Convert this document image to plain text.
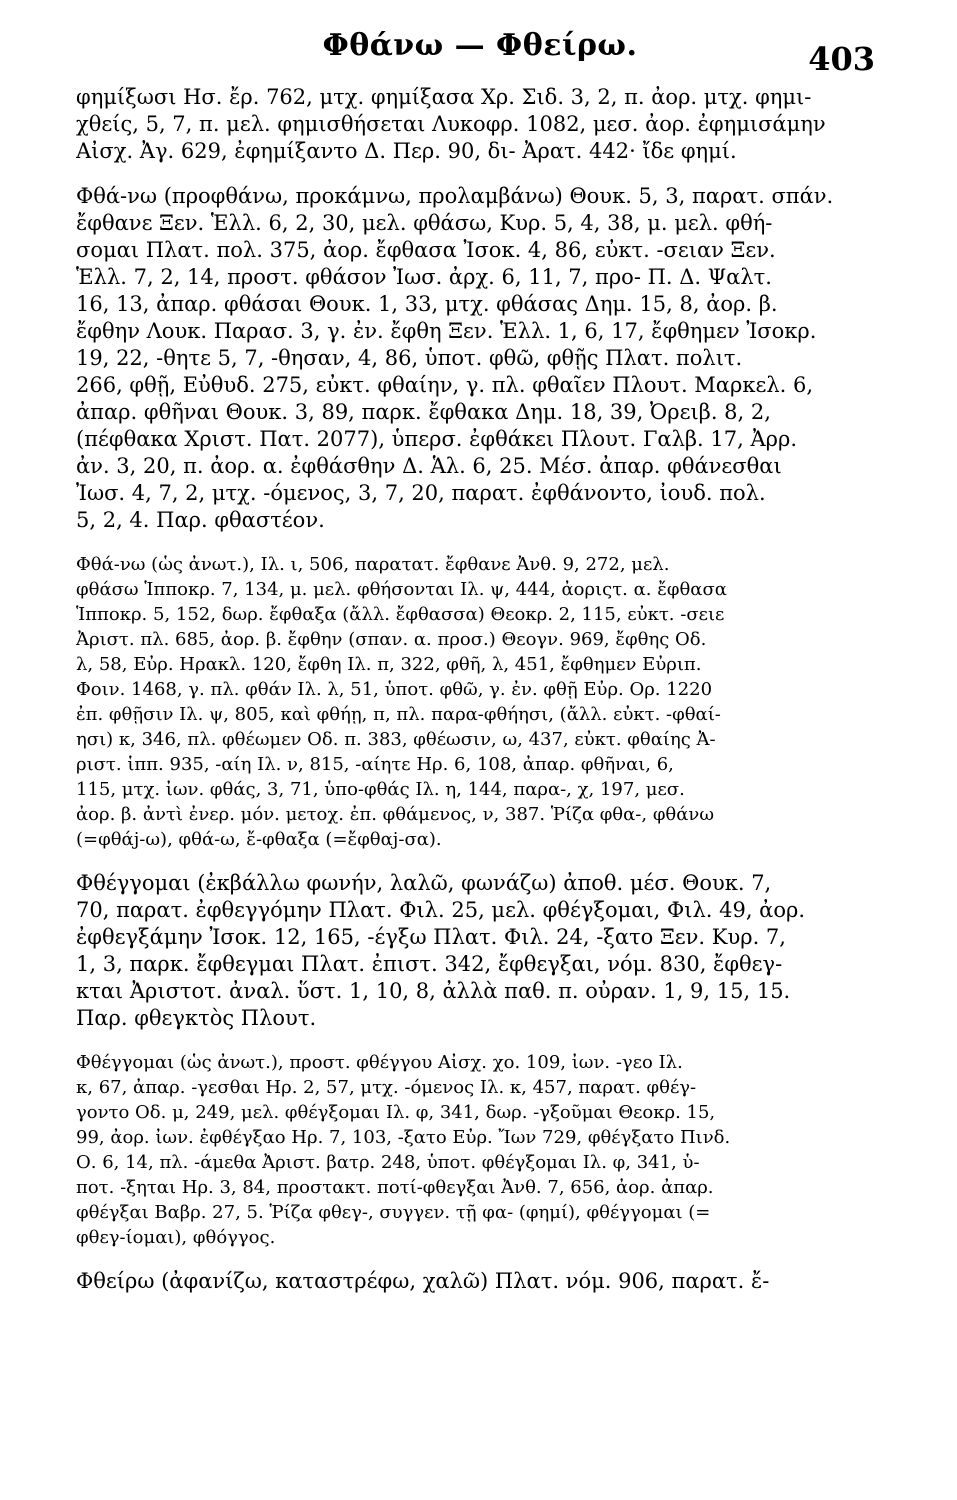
Φθάνω — Φθείρω.	403
φημίξωσι Ησ. ἔρ. 762, μτχ. φημίξασα Χρ. Σιδ. 3, 2, π. ἀορ. μτχ. φημι-
χθείς, 5, 7, π. μελ. φημισθήσεται Λυκοφρ. 1082, μεσ. ἀορ. ἐφημισάμην
Αἰσχ. Ἀγ. 629, ἐφημίξαντο Δ. Περ. 90, δι- Ἀρατ. 442· ἴδε φημί.
Φθά-νω (προφθάνω, προκάμνω, προλαμβάνω) Θουκ. 5, 3, παρατ. σπάν.
ἔφθανε Ξεν. Ἑλλ. 6, 2, 30, μελ. φθάσω, Κυρ. 5, 4, 38, μ. μελ. φθή-
σομαι Πλατ. πολ. 375, ἀορ. ἔφθασα Ἰσοκ. 4, 86, εὐκτ. -σειαν Ξεν.
Ἑλλ. 7, 2, 14, προστ. φθάσον Ἰωσ. ἀρχ. 6, 11, 7, προ- Π. Δ. Ψαλτ.
16, 13, ἀπαρ. φθάσαι Θουκ. 1, 33, μτχ. φθάσας Δημ. 15, 8, ἀορ. β.
ἔφθην Λουκ. Παρασ. 3, γ. ἐν. ἔφθη Ξεν. Ἑλλ. 1, 6, 17, ἔφθημεν Ἰσοκρ.
19, 22, -θητε 5, 7, -θησαν, 4, 86, ὑποτ. φθῶ, φθῇς Πλατ. πολιτ.
266, φθῇ, Εὐθυδ. 275, εὐκτ. φθαίην, γ. πλ. φθαῖεν Πλουτ. Μαρκελ. 6,
ἀπαρ. φθῆναι Θουκ. 3, 89, παρκ. ἔφθακα Δημ. 18, 39, Ὀρειβ. 8, 2,
(πέφθακα Χριστ. Πατ. 2077), ὑπερσ. ἐφθάκει Πλουτ. Γαλβ. 17, Ἀρρ.
ἀν. 3, 20, π. ἀορ. α. ἐφθάσθην Δ. Ἁλ. 6, 25. Μέσ. ἀπαρ. φθάνεσθαι
Ἰωσ. 4, 7, 2, μτχ. -όμενος, 3, 7, 20, παρατ. ἐφθάνοντο, ἰουδ. πολ.
5, 2, 4. Παρ. φθαστέον.
Φθά-νω (ὡς ἀνωτ.), Ιλ. ι, 506, παρατατ. ἔφθανε Ἀνθ. 9, 272, μελ.
φθάσω Ἱπποκρ. 7, 134, μ. μελ. φθήσονται Ιλ. ψ, 444, ἀοριςτ. α. ἔφθασα
Ἱπποκρ. 5, 152, δωρ. ἔφθαξα (ἄλλ. ἔφθασσα) Θεοκρ. 2, 115, εὐκτ. -σειε
Ἀριστ. πλ. 685, ἀορ. β. ἔφθην (σπαν. α. προσ.) Θεογν. 969, ἔφθης Οδ.
λ, 58, Εὐρ. Ηρακλ. 120, ἔφθη Ιλ. π, 322, φθῆ, λ, 451, ἔφθημεν Εὐριπ.
Φοιν. 1468, γ. πλ. φθάν Ιλ. λ, 51, ὑποτ. φθῶ, γ. ἐν. φθῇ Εὐρ. Ορ. 1220
ἐπ. φθῇσιν Ιλ. ψ, 805, καὶ φθήῃ, π, πλ. παρα-φθήησι, (ἄλλ. εὐκτ. -φθαί-
ησι) κ, 346, πλ. φθέωμεν Οδ. π. 383, φθέωσιν, ω, 437, εὐκτ. φθαίης Ἀ-
ριστ. ἱππ. 935, -αίη Ιλ. ν, 815, -αίητε Ηρ. 6, 108, ἀπαρ. φθῆναι, 6,
115, μτχ. ἰων. φθάς, 3, 71, ὑπο-φθάς Ιλ. η, 144, παρα-, χ, 197, μεσ.
ἀορ. β. ἀντὶ ἐνερ. μόν. μετοχ. ἐπ. φθάμενος, ν, 387. Ῥίζα φθα-, φθάνω
(=φθάj-ω), φθά-ω, ἔ-φθαξα (=ἔφθαj-σα).
Φθέγγομαι (ἐκβάλλω φωνήν, λαλῶ, φωνάζω) ἀποθ. μέσ. Θουκ. 7,
70, παρατ. ἐφθεγγόμην Πλατ. Φιλ. 25, μελ. φθέγξομαι, Φιλ. 49, ἀορ.
ἐφθεγξάμην Ἰσοκ. 12, 165, -έγξω Πλατ. Φιλ. 24, -ξατο Ξεν. Κυρ. 7,
1, 3, παρκ. ἔφθεγμαι Πλατ. ἐπιστ. 342, ἔφθεγξαι, νόμ. 830, ἔφθεγ-
κται Ἀριστοτ. ἀναλ. ὕστ. 1, 10, 8, ἀλλὰ παθ. π. οὐραν. 1, 9, 15, 15.
Παρ. φθεγκτὸς Πλουτ.
Φθέγγομαι (ὡς ἀνωτ.), προστ. φθέγγου Αἰσχ. χο. 109, ἰων. -γεο Ιλ.
κ, 67, ἀπαρ. -γεσθαι Ηρ. 2, 57, μτχ. -όμενος Ιλ. κ, 457, παρατ. φθέγ-
γοντο Οδ. μ, 249, μελ. φθέγξομαι Ιλ. φ, 341, δωρ. -γξοῦμαι Θεοκρ. 15,
99, ἀορ. ἰων. ἐφθέγξαο Ηρ. 7, 103, -ξατο Εὐρ. Ἴων 729, φθέγξατο Πινδ.
Ο. 6, 14, πλ. -άμεθα Ἀριστ. βατρ. 248, ὑποτ. φθέγξομαι Ιλ. φ, 341, ὑ-
ποτ. -ξηται Ηρ. 3, 84, προστακτ. ποτί-φθεγξαι Ἀνθ. 7, 656, ἀορ. ἀπαρ.
φθέγξαι Βαβρ. 27, 5. Ῥίζα φθεγ-, συγγεν. τῇ φα- (φημί), φθέγγομαι (=
φθεγ-ίομαι), φθόγγος.
Φθείρω (ἀφανίζω, καταστρέφω, χαλῶ) Πλατ. νόμ. 906, παρατ. ἔ-
